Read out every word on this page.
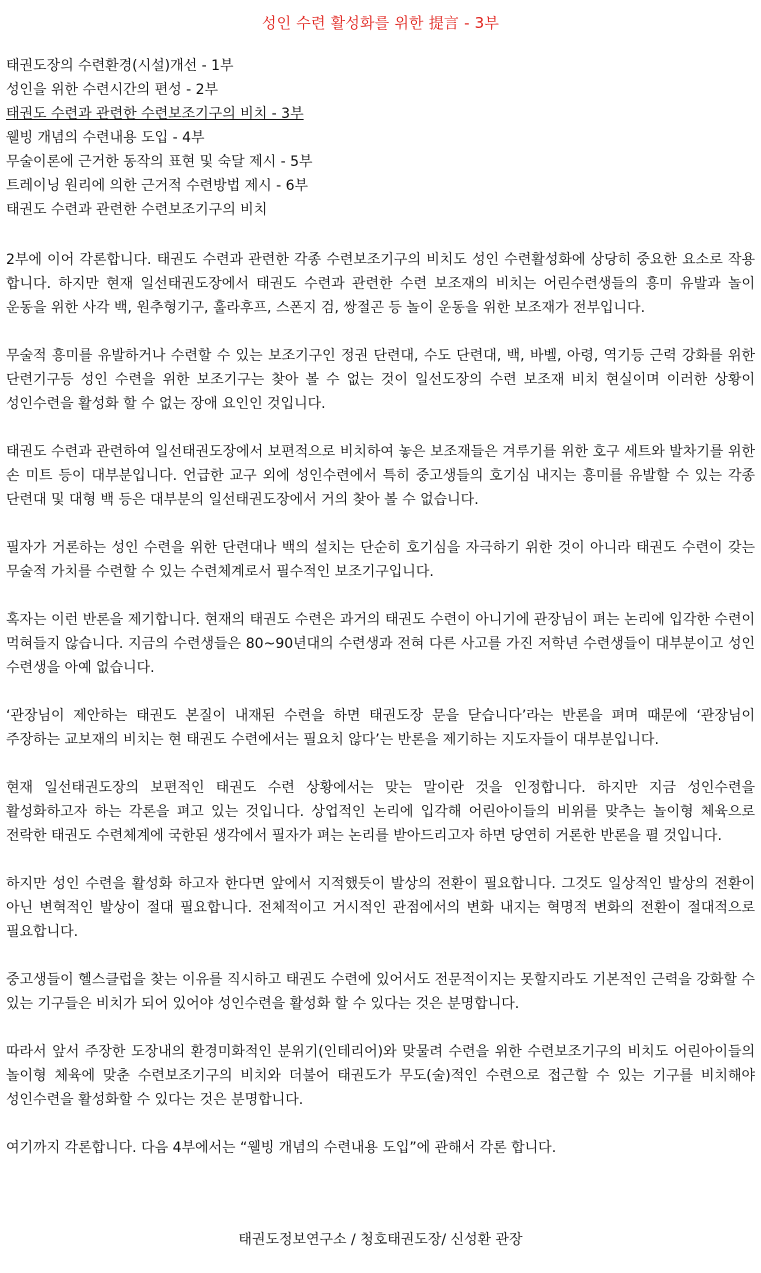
성인 수련 활성화를 위한 提言 - 3부
태권도장의 수련환경(시설)개선 - 1부
성인을 위한 수련시간의 편성 - 2부
태권도 수련과 관련한 수련보조기구의 비치 - 3부
웰빙 개념의 수련내용 도입 - 4부
무술이론에 근거한 동작의 표현 및 숙달 제시 - 5부
트레이닝 원리에 의한 근거적 수련방법 제시 - 6부
태권도 수련과 관련한 수련보조기구의 비치

2부에 이어 각론합니다. 태권도 수련과 관련한 각종 수련보조기구의 비치도 성인 수련활성화에 상당히 중요한 요소로 작용 합니다. 하지만 현재 일선태권도장에서 태권도 수련과 관련한 수련 보조재의 비치는 어린수련생들의 흥미 유발과 놀이 운동을 위한 사각 백, 원추형기구, 훌라후프, 스폰지 검, 쌍절곤 등 놀이 운동을 위한 보조재가 전부입니다.

무술적 흥미를 유발하거나 수련할 수 있는 보조기구인 정권 단련대, 수도 단련대, 백, 바벨, 아령, 역기등 근력 강화를 위한 단련기구등 성인 수련을 위한 보조기구는 찾아 볼 수 없는 것이 일선도장의 수련 보조재 비치 현실이며 이러한 상황이 성인수련을 활성화 할 수 없는 장애 요인인 것입니다.

태권도 수련과 관련하여 일선태권도장에서 보편적으로 비치하여 놓은 보조재들은 겨루기를 위한 호구 세트와 발차기를 위한 손 미트 등이 대부분입니다. 언급한 교구 외에 성인수련에서 특히 중고생들의 호기심 내지는 흥미를 유발할 수 있는 각종 단련대 및 대형 백 등은 대부분의 일선태권도장에서 거의 찾아 볼 수 없습니다.

필자가 거론하는 성인 수련을 위한 단련대나 백의 설치는 단순히 호기심을 자극하기 위한 것이 아니라 태권도 수련이 갖는 무술적 가치를 수련할 수 있는 수련체계로서 필수적인 보조기구입니다.

혹자는 이런 반론을 제기합니다. 현재의 태권도 수련은 과거의 태권도 수련이 아니기에 관장님이 펴는 논리에 입각한 수련이 먹혀들지 않습니다. 지금의 수련생들은 80~90년대의 수련생과 전혀 다른 사고를 가진 저학년 수련생들이 대부분이고 성인 수련생을 아예 없습니다.

‘관장님이 제안하는 태권도 본질이 내재된 수련을 하면 태권도장 문을 닫습니다’라는 반론을 펴며 때문에 ‘관장님이 주장하는 교보재의 비치는 현 태권도 수련에서는 필요치 않다’는 반론을 제기하는 지도자들이 대부분입니다.

현재 일선태권도장의 보편적인 태권도 수련 상황에서는 맞는 말이란 것을 인정합니다. 하지만 지금 성인수련을 활성화하고자 하는 각론을 펴고 있는 것입니다. 상업적인 논리에 입각해 어린아이들의 비위를 맞추는 놀이형 체육으로 전락한 태권도 수련체계에 국한된 생각에서 필자가 펴는 논리를 받아드리고자 하면 당연히 거론한 반론을 펼 것입니다.

하지만 성인 수련을 활성화 하고자 한다면 앞에서 지적했듯이 발상의 전환이 필요합니다. 그것도 일상적인 발상의 전환이 아닌 변혁적인 발상이 절대 필요합니다. 전체적이고 거시적인 관점에서의 변화 내지는 혁명적 변화의 전환이 절대적으로 필요합니다.

중고생들이 헬스클럽을 찾는 이유를 직시하고 태권도 수련에 있어서도 전문적이지는 못할지라도 기본적인 근력을 강화할 수 있는 기구들은 비치가 되어 있어야 성인수련을 활성화 할 수 있다는 것은 분명합니다.

따라서 앞서 주장한 도장내의 환경미화적인 분위기(인테리어)와 맞물려 수련을 위한 수련보조기구의 비치도 어린아이들의 놀이형 체육에 맞춘 수련보조기구의 비치와 더불어 태권도가 무도(술)적인 수련으로 접근할 수 있는 기구를 비치해야 성인수련을 활성화할 수 있다는 것은 분명합니다.

여기까지 각론합니다. 다음 4부에서는 “웰빙 개념의 수련내용 도입”에 관해서 각론 합니다.

태권도정보연구소 / 청호태권도장/ 신성환 관장
